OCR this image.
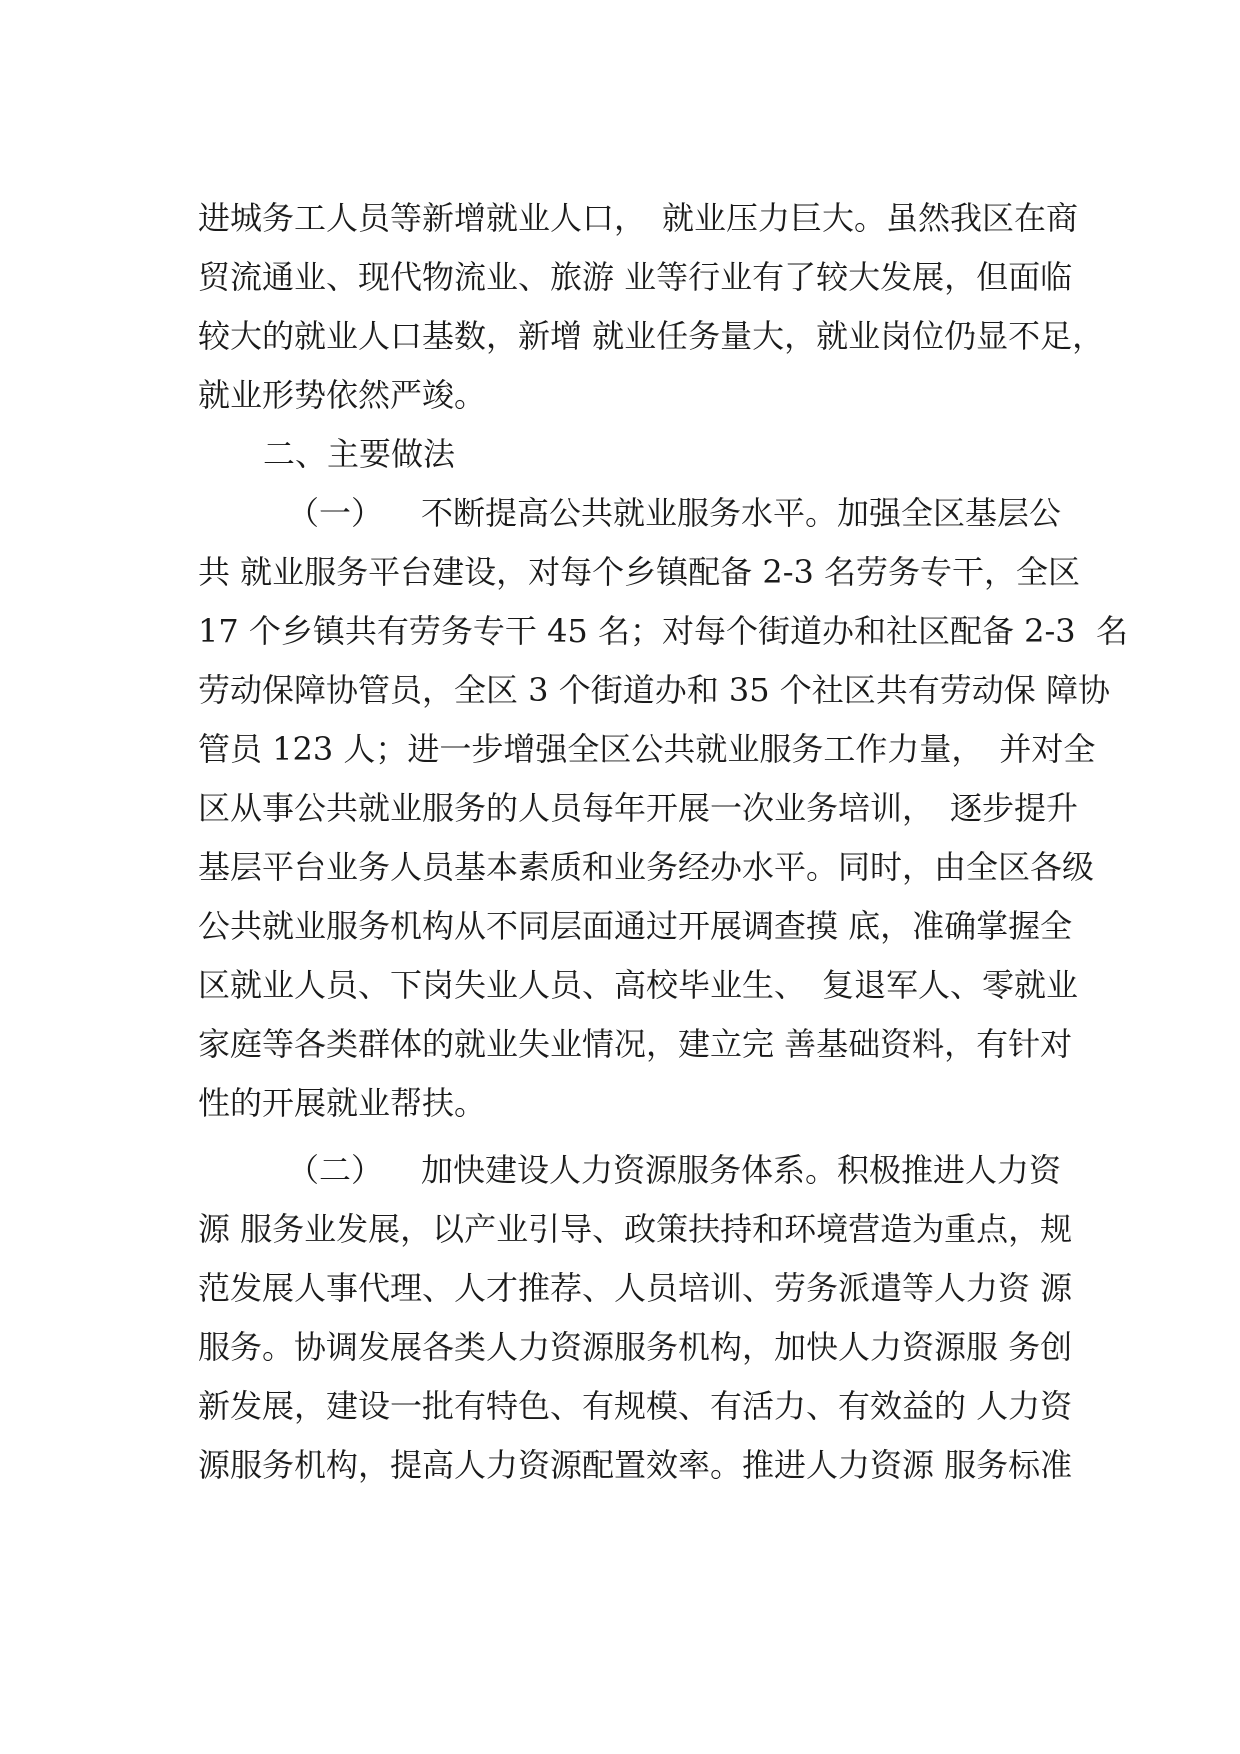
进城务工人员等新增就业人口，　就业压力巨大。虽然我区在商

贸流通业、现代物流业、旅游 业等行业有了较大发展，但面临

较大的就业人口基数，新增 就业任务量大，就业岗位仍显不足，

就业形势依然严竣。

二、主要做法

（一） 不断提高公共就业服务水平。加强全区基层公

共 就业服务平台建设，对每个乡镇配备 2-3 名劳务专干，全区

17 个乡镇共有劳务专干 45 名；对每个街道办和社区配备 2-3  名

劳动保障协管员，全区 3 个街道办和 35 个社区共有劳动保 障协

管员 123 人；进一步增强全区公共就业服务工作力量，　并对全

区从事公共就业服务的人员每年开展一次业务培训，　逐步提升

基层平台业务人员基本素质和业务经办水平。同时，由全区各级

公共就业服务机构从不同层面通过开展调查摸 底，准确掌握全

区就业人员、下岗失业人员、高校毕业生、　复退军人、零就业

家庭等各类群体的就业失业情况，建立完 善基础资料，有针对

性的开展就业帮扶。

（二） 加快建设人力资源服务体系。积极推进人力资

源 服务业发展，以产业引导、政策扶持和环境营造为重点，规

范发展人事代理、人才推荐、人员培训、劳务派遣等人力资 源

服务。协调发展各类人力资源服务机构，加快人力资源服 务创

新发展，建设一批有特色、有规模、有活力、有效益的 人力资

源服务机构，提高人力资源配置效率。推进人力资源 服务标准
